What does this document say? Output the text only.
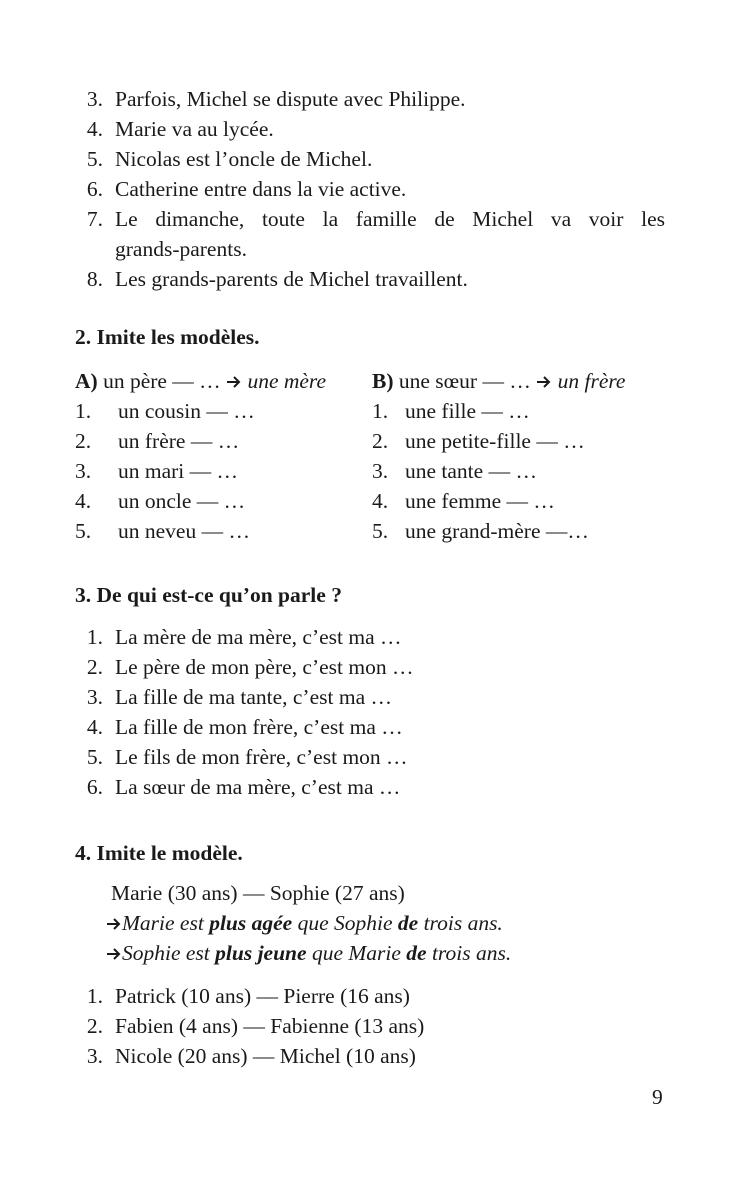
3. Parfois, Michel se dispute avec Philippe.
4. Marie va au lycée.
5. Nicolas est l’oncle de Michel.
6. Catherine entre dans la vie active.
7. Le dimanche, toute la famille de Michel va voir les
grands-parents.
8. Les grands-parents de Michel travaillent.
2. Imite les modèles.
A) un père — … une mère
1. un cousin — …
2. un frère — …
3. un mari — …
4. un oncle — …
5. un neveu — …
B) une sœur — … un frère
1. une fille — …
2. une petite-fille — …
3. une tante — …
4. une femme — …
5. une grand-mère —…
3. De qui est-ce qu’on parle ?
1. La mère de ma mère, c’est ma …
2. Le père de mon père, c’est mon …
3. La fille de ma tante, c’est ma …
4. La fille de mon frère, c’est ma …
5. Le fils de mon frère, c’est mon …
6. La sœur de ma mère, c’est ma …
4. Imite le modèle.
Marie (30 ans) — Sophie (27 ans)
Marie est plus agée que Sophie de trois ans.
Sophie est plus jeune que Marie de trois ans.
1. Patrick (10 ans) — Pierre (16 ans)
2. Fabien (4 ans) — Fabienne (13 ans)
3. Nicole (20 ans) — Michel (10 ans)
9
